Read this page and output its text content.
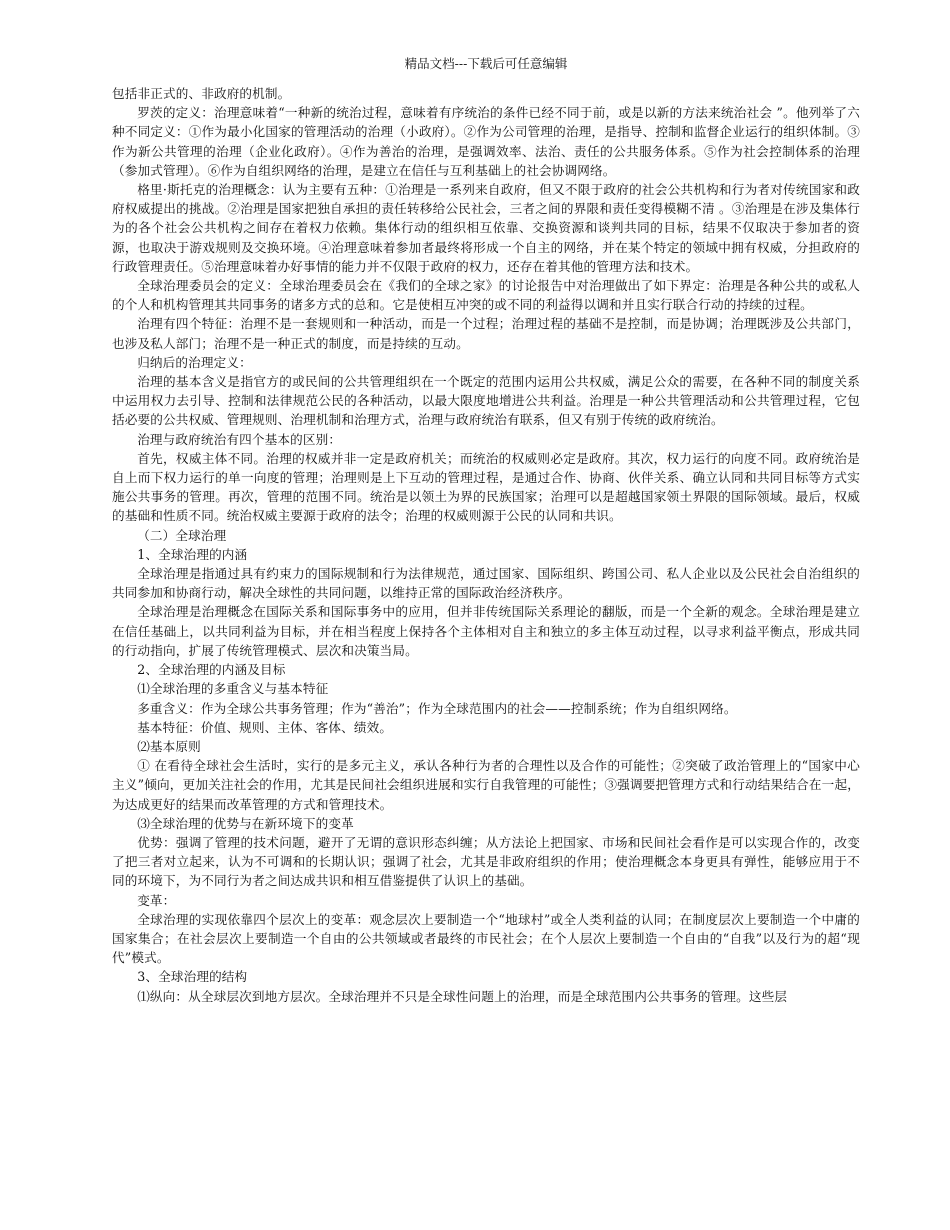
精品文档---下载后可任意编辑

包括非正式的、非政府的机制。

罗茨的定义：治理意味着“一种新的统治过程，意味着有序统治的条件已经不同于前，或是以新的方法来统治社会 ”。他列举了六种不同定义：①作为最小化国家的管理活动的治理（小政府）。②作为公司管理的治理，是指导、控制和监督企业运行的组织体制。③作为新公共管理的治理（企业化政府）。④作为善治的治理，是强调效率、法治、责任的公共服务体系。⑤作为社会控制体系的治理（参加式管理）。⑥作为自组织网络的治理，是建立在信任与互利基础上的社会协调网络。

格里·斯托克的治理概念：认为主要有五种：①治理是一系列来自政府，但又不限于政府的社会公共机构和行为者对传统国家和政府权威提出的挑战。②治理是国家把独自承担的责任转移给公民社会，三者之间的界限和责任变得模糊不清 。③治理是在涉及集体行为的各个社会公共机构之间存在着权力依赖。集体行动的组织相互依靠、交换资源和谈判共同的目标，结果不仅取决于参加者的资源，也取决于游戏规则及交换环境。④治理意味着参加者最终将形成一个自主的网络，并在某个特定的领域中拥有权威，分担政府的行政管理责任。⑤治理意味着办好事情的能力并不仅限于政府的权力，还存在着其他的管理方法和技术。

全球治理委员会的定义：全球治理委员会在《我们的全球之家》的讨论报告中对治理做出了如下界定：治理是各种公共的或私人的个人和机构管理其共同事务的诸多方式的总和。它是使相互冲突的或不同的利益得以调和并且实行联合行动的持续的过程。

治理有四个特征：治理不是一套规则和一种活动，而是一个过程；治理过程的基础不是控制，而是协调；治理既涉及公共部门，也涉及私人部门；治理不是一种正式的制度，而是持续的互动。

归纳后的治理定义：

治理的基本含义是指官方的或民间的公共管理组织在一个既定的范围内运用公共权威，满足公众的需要，在各种不同的制度关系中运用权力去引导、控制和法律规范公民的各种活动，以最大限度地增进公共利益。治理是一种公共管理活动和公共管理过程，它包括必要的公共权威、管理规则、治理机制和治理方式，治理与政府统治有联系，但又有别于传统的政府统治。

治理与政府统治有四个基本的区别：

首先，权威主体不同。治理的权威并非一定是政府机关；而统治的权威则必定是政府。其次，权力运行的向度不同。政府统治是自上而下权力运行的单一向度的管理；治理则是上下互动的管理过程，是通过合作、协商、伙伴关系、确立认同和共同目标等方式实施公共事务的管理。再次，管理的范围不同。统治是以领土为界的民族国家；治理可以是超越国家领土界限的国际领域。最后，权威的基础和性质不同。统治权威主要源于政府的法令；治理的权威则源于公民的认同和共识。

（二）全球治理

1、全球治理的内涵

全球治理是指通过具有约束力的国际规制和行为法律规范，通过国家、国际组织、跨国公司、私人企业以及公民社会自治组织的共同参加和协商行动，解决全球性的共同问题，以维持正常的国际政治经济秩序。

全球治理是治理概念在国际关系和国际事务中的应用，但并非传统国际关系理论的翻版，而是一个全新的观念。全球治理是建立在信任基础上，以共同利益为目标，并在相当程度上保持各个主体相对自主和独立的多主体互动过程，以寻求利益平衡点，形成共同的行动指向，扩展了传统管理模式、层次和决策当局。

2、全球治理的内涵及目标

⑴全球治理的多重含义与基本特征

多重含义：作为全球公共事务管理；作为“善治”；作为全球范围内的社会——控制系统；作为自组织网络。

基本特征：价值、规则、主体、客体、绩效。

⑵基本原则

① 在看待全球社会生活时，实行的是多元主义，承认各种行为者的合理性以及合作的可能性；②突破了政治管理上的“国家中心主义”倾向，更加关注社会的作用，尤其是民间社会组织进展和实行自我管理的可能性；③强调要把管理方式和行动结果结合在一起，为达成更好的结果而改革管理的方式和管理技术。

⑶全球治理的优势与在新环境下的变革

优势：强调了管理的技术问题，避开了无谓的意识形态纠缠；从方法论上把国家、市场和民间社会看作是可以实现合作的，改变了把三者对立起来，认为不可调和的长期认识；强调了社会，尤其是非政府组织的作用；使治理概念本身更具有弹性，能够应用于不同的环境下，为不同行为者之间达成共识和相互借鉴提供了认识上的基础。

变革：

全球治理的实现依靠四个层次上的变革：观念层次上要制造一个“地球村”或全人类利益的认同；在制度层次上要制造一个中庸的国家集合；在社会层次上要制造一个自由的公共领域或者最终的市民社会；在个人层次上要制造一个自由的“自我”以及行为的超“现代”模式。

3、全球治理的结构

⑴纵向：从全球层次到地方层次。全球治理并不只是全球性问题上的治理，而是全球范围内公共事务的管理。这些层
